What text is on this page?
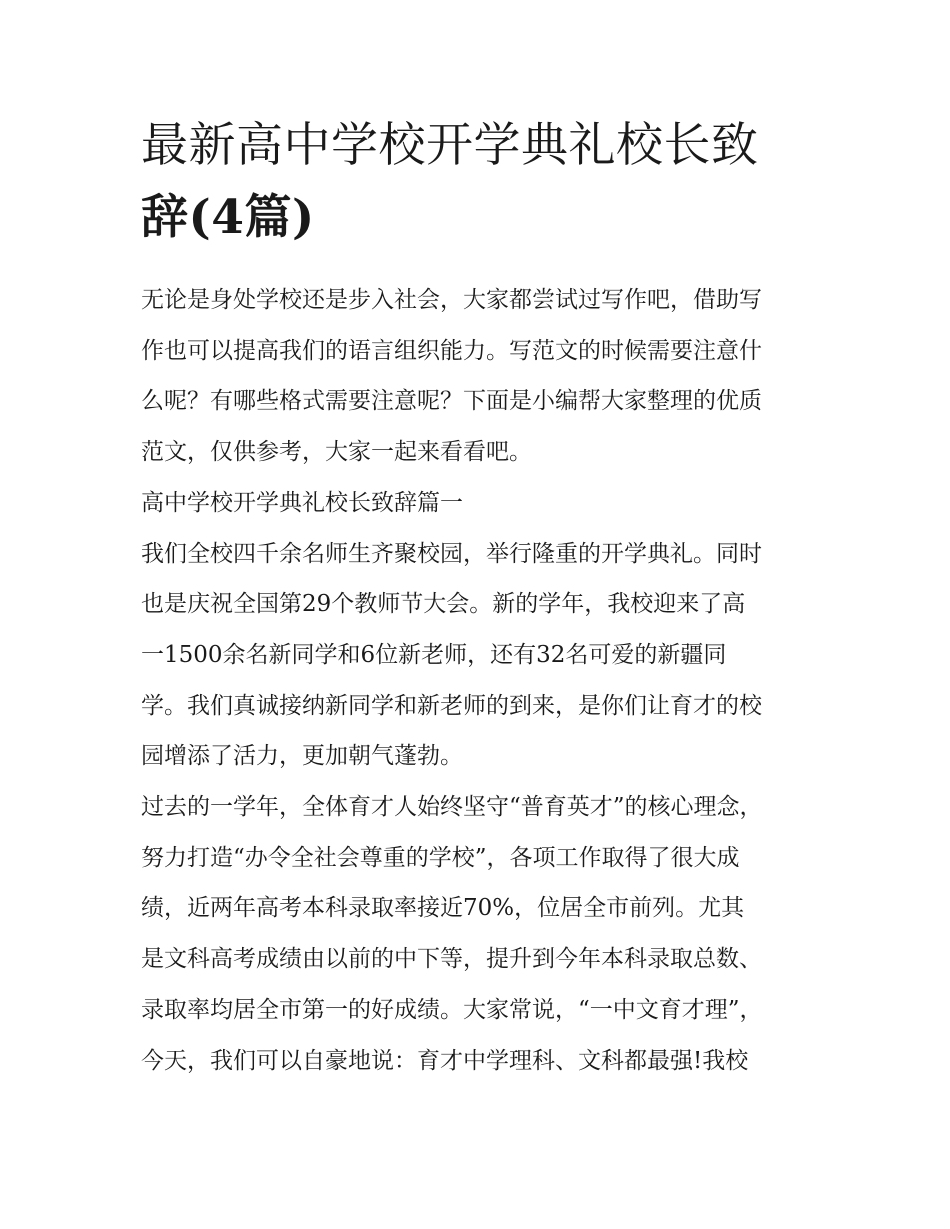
最新高中学校开学典礼校长致
辞(4篇)
无论是身处学校还是步入社会，大家都尝试过写作吧，借助写
作也可以提高我们的语言组织能力。写范文的时候需要注意什
么呢？有哪些格式需要注意呢？下面是小编帮大家整理的优质
范文，仅供参考，大家一起来看看吧。
高中学校开学典礼校长致辞篇一
我们全校四千余名师生齐聚校园，举行隆重的开学典礼。同时
也是庆祝全国第29个教师节大会。新的学年，我校迎来了高
一1500余名新同学和6位新老师，还有32名可爱的新疆同
学。我们真诚接纳新同学和新老师的到来，是你们让育才的校
园增添了活力，更加朝气蓬勃。
过去的一学年，全体育才人始终坚守“普育英才”的核心理念，
努力打造“办令全社会尊重的学校”，各项工作取得了很大成
绩，近两年高考本科录取率接近70%，位居全市前列。尤其
是文科高考成绩由以前的中下等，提升到今年本科录取总数、
录取率均居全市第一的好成绩。大家常说，“一中文育才理”，
今天，我们可以自豪地说：育才中学理科、文科都最强!我校
